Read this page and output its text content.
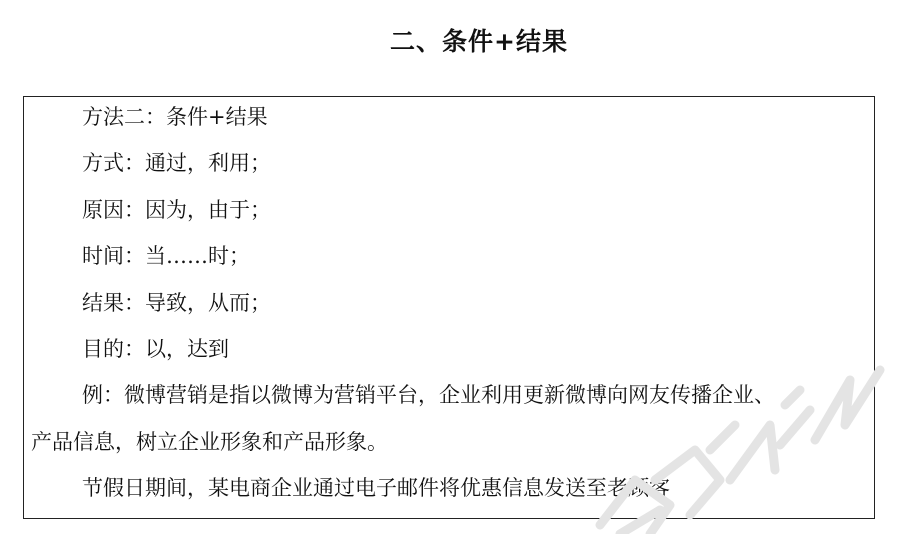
二、条件+结果
方法二：条件+结果
方式：通过，利用；
原因：因为，由于；
时间：当……时；
结果：导致，从而；
目的：以，达到
例：微博营销是指以微博为营销平台，企业利用更新微博向网友传播企业、
产品信息，树立企业形象和产品形象。
节假日期间，某电商企业通过电子邮件将优惠信息发送至老顾客
